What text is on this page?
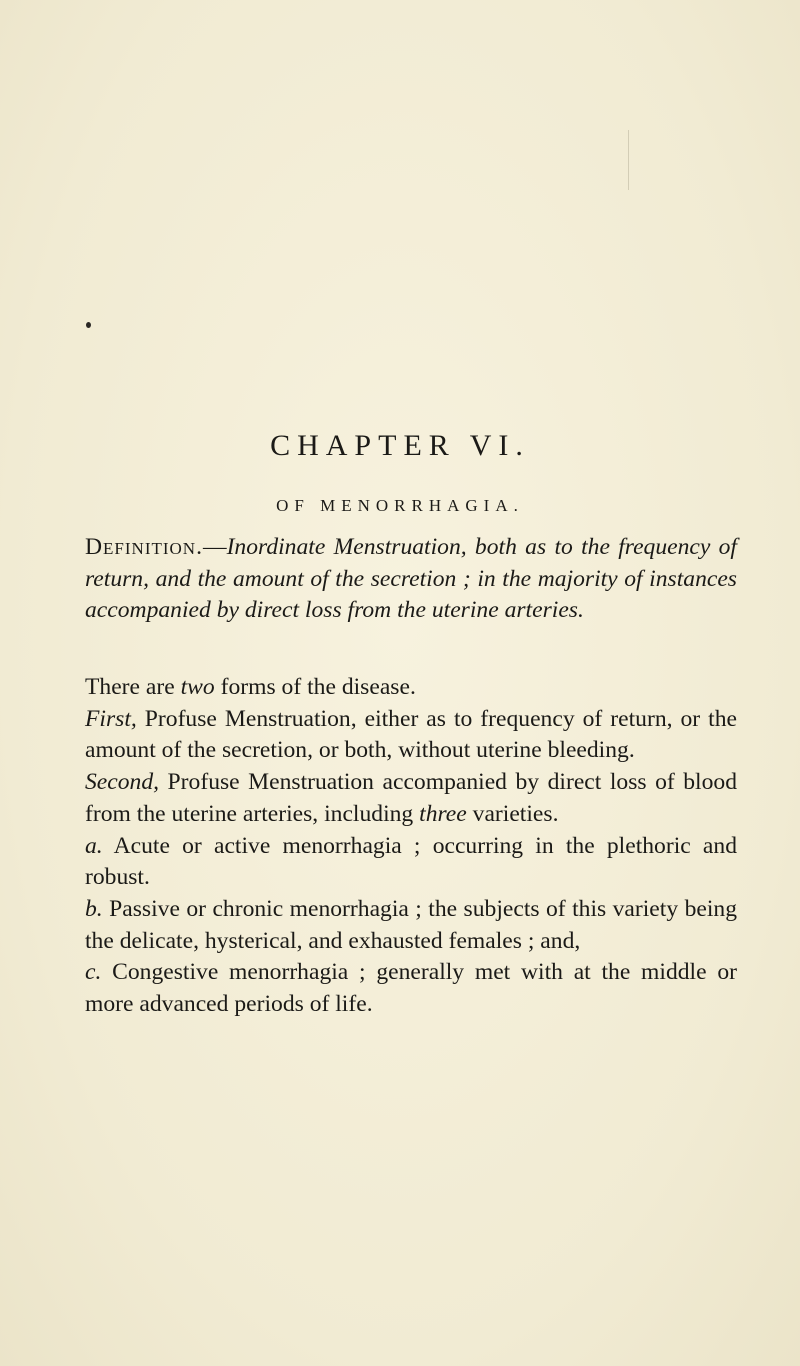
CHAPTER VI.
OF MENORRHAGIA.
Definition.—Inordinate Menstruation, both as to the frequency of return, and the amount of the secretion ; in the majority of instances accompanied by direct loss from the uterine arteries.

There are two forms of the disease.

First, Profuse Menstruation, either as to frequency of return, or the amount of the secretion, or both, without uterine bleeding.

Second, Profuse Menstruation accompanied by direct loss of blood from the uterine arteries, including three varieties.

a. Acute or active menorrhagia ; occurring in the plethoric and robust.

b. Passive or chronic menorrhagia ; the subjects of this variety being the delicate, hysterical, and exhausted females ; and,

c. Congestive menorrhagia ; generally met with at the middle or more advanced periods of life.
